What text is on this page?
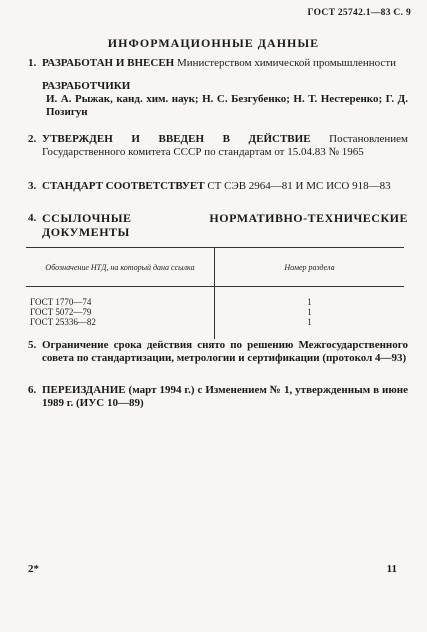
ГОСТ 25742.1—83 С. 9
ИНФОРМАЦИОННЫЕ ДАННЫЕ
1. РАЗРАБОТАН И ВНЕСЕН Министерством химической промышленности
РАЗРАБОТЧИКИ
И. А. Рыжак, канд. хим. наук; Н. С. Безгубенко; Н. Т. Нестеренко; Г. Д. Позигун
2. УТВЕРЖДЕН И ВВЕДЕН В ДЕЙСТВИЕ Постановлением Государственного комитета СССР по стандартам от 15.04.83 № 1965
3. СТАНДАРТ СООТВЕТСТВУЕТ СТ СЭВ 2964—81 И МС ИСО 918—83
4. ССЫЛОЧНЫЕ НОРМАТИВНО-ТЕХНИЧЕСКИЕ ДОКУМЕНТЫ
Обозначение НТД, на который дана ссылка	Номер раздела
ГОСТ 1770—74	1
ГОСТ 5072—79	1
ГОСТ 25336—82	1
5. Ограничение срока действия снято по решению Межгосударственного совета по стандартизации, метрологии и сертификации (протокол 4—93)
6. ПЕРЕИЗДАНИЕ (март 1994 г.) с Изменением № 1, утвержденным в июне 1989 г. (ИУС 10—89)
2*	11
